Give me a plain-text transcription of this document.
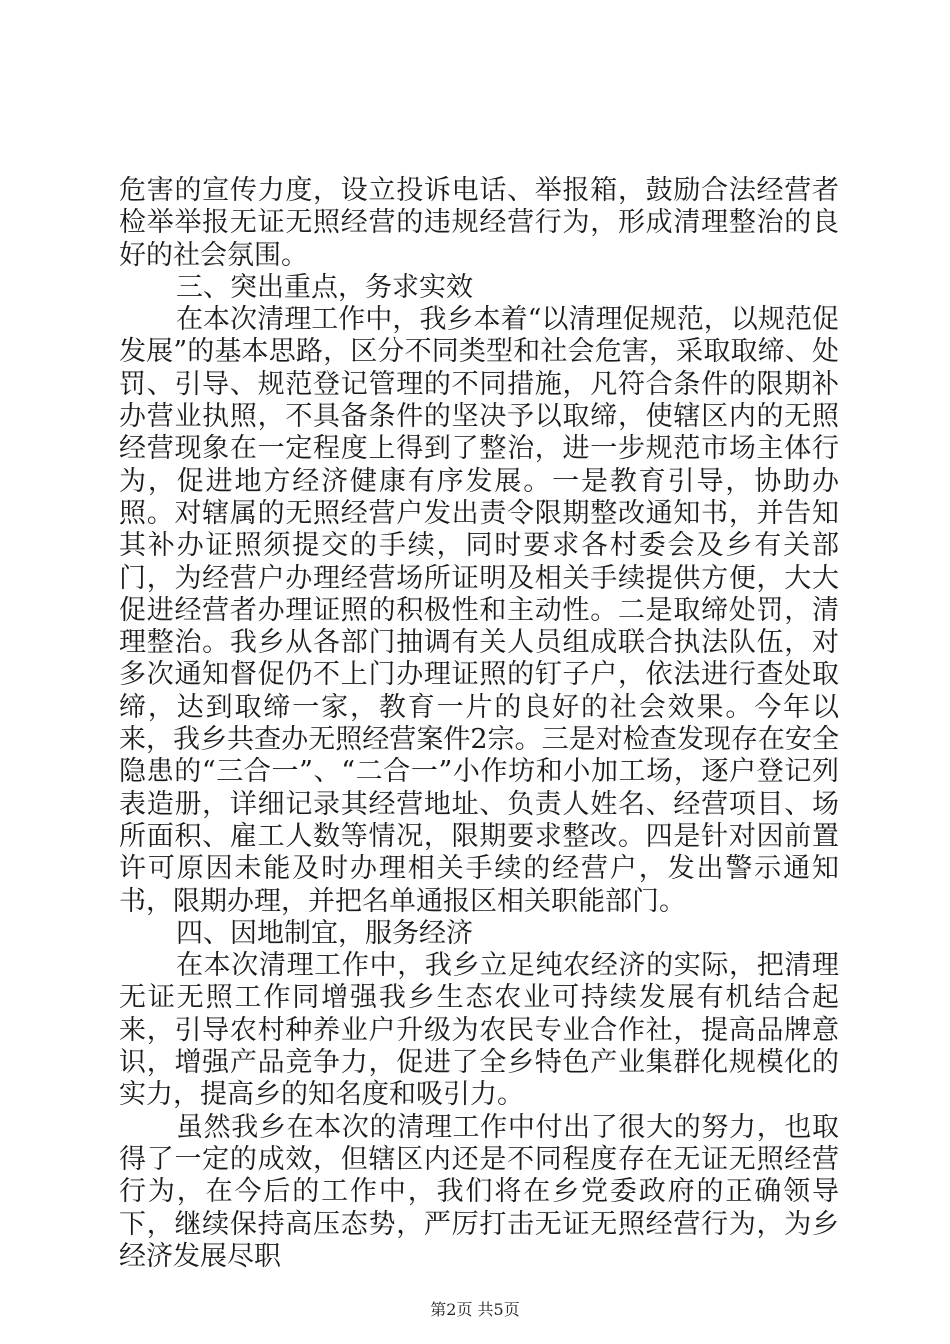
危害的宣传力度，设立投诉电话、举报箱，鼓励合法经营者检举举报无证无照经营的违规经营行为，形成清理整治的良好的社会氛围。

三、突出重点，务求实效

在本次清理工作中，我乡本着“以清理促规范，以规范促发展”的基本思路，区分不同类型和社会危害，采取取缔、处罚、引导、规范登记管理的不同措施，凡符合条件的限期补办营业执照，不具备条件的坚决予以取缔，使辖区内的无照经营现象在一定程度上得到了整治，进一步规范市场主体行为，促进地方经济健康有序发展。一是教育引导，协助办照。对辖属的无照经营户发出责令限期整改通知书，并告知其补办证照须提交的手续，同时要求各村委会及乡有关部门，为经营户办理经营场所证明及相关手续提供方便，大大促进经营者办理证照的积极性和主动性。二是取缔处罚，清理整治。我乡从各部门抽调有关人员组成联合执法队伍，对多次通知督促仍不上门办理证照的钉子户，依法进行查处取缔，达到取缔一家，教育一片的良好的社会效果。今年以来，我乡共查办无照经营案件2宗。三是对检查发现存在安全隐患的“三合一”、“二合一”小作坊和小加工场，逐户登记列表造册，详细记录其经营地址、负责人姓名、经营项目、场所面积、雇工人数等情况，限期要求整改。四是针对因前置许可原因未能及时办理相关手续的经营户，发出警示通知书，限期办理，并把名单通报区相关职能部门。

四、因地制宜，服务经济

在本次清理工作中，我乡立足纯农经济的实际，把清理无证无照工作同增强我乡生态农业可持续发展有机结合起来，引导农村种养业户升级为农民专业合作社，提高品牌意识，增强产品竞争力，促进了全乡特色产业集群化规模化的实力，提高乡的知名度和吸引力。

虽然我乡在本次的清理工作中付出了很大的努力，也取得了一定的成效，但辖区内还是不同程度存在无证无照经营行为，在今后的工作中，我们将在乡党委政府的正确领导下，继续保持高压态势，严厉打击无证无照经营行为，为乡经济发展尽职

第2页 共5页
